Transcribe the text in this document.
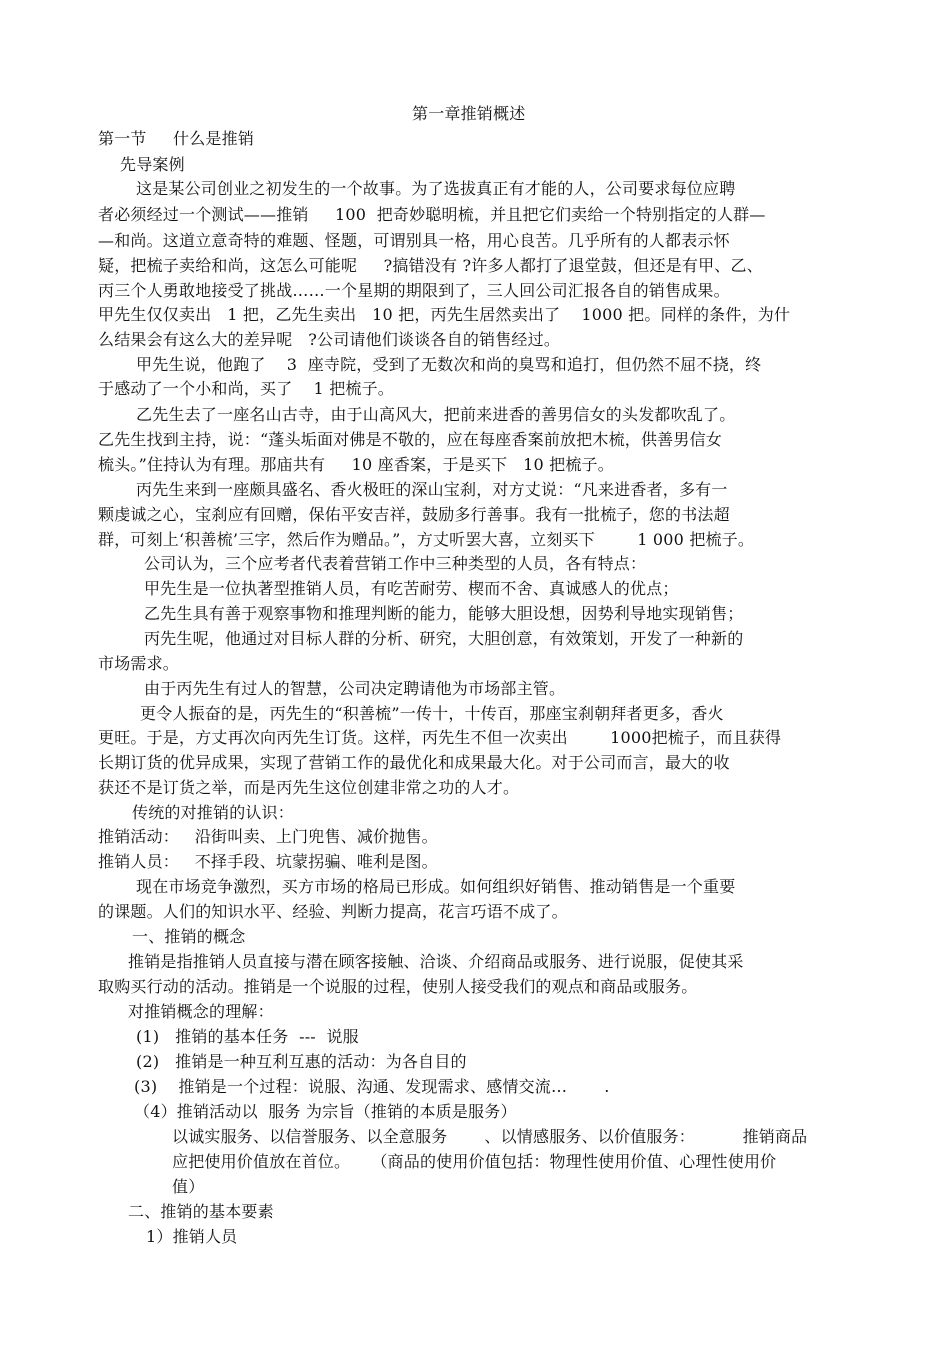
第一章推销概述
第一节     什么是推销
先导案例
这是某公司创业之初发生的一个故事。为了选拔真正有才能的人，公司要求每位应聘
者必须经过一个测试——推销     100  把奇妙聪明梳，并且把它们卖给一个特别指定的人群—
—和尚。这道立意奇特的难题、怪题，可谓别具一格，用心良苦。几乎所有的人都表示怀
疑，把梳子卖给和尚，这怎么可能呢     ?搞错没有 ?许多人都打了退堂鼓，但还是有甲、乙、
丙三个人勇敢地接受了挑战……一个星期的期限到了，三人回公司汇报各自的销售成果。
甲先生仅仅卖出   1 把，乙先生卖出   10 把，丙先生居然卖出了    1000 把。同样的条件，为什
么结果会有这么大的差异呢   ?公司请他们谈谈各自的销售经过。
甲先生说，他跑了    3  座寺院，受到了无数次和尚的臭骂和追打，但仍然不屈不挠，终
于感动了一个小和尚，买了    1 把梳子。
乙先生去了一座名山古寺，由于山高风大，把前来进香的善男信女的头发都吹乱了。
乙先生找到主持，说：“蓬头垢面对佛是不敬的，应在每座香案前放把木梳，供善男信女
梳头。”住持认为有理。那庙共有     10 座香案，于是买下   10 把梳子。
丙先生来到一座颇具盛名、香火极旺的深山宝刹，对方丈说：“凡来进香者，多有一
颗虔诚之心，宝刹应有回赠，保佑平安吉祥，鼓励多行善事。我有一批梳子，您的书法超
群，可刻上‘积善梳’三字，然后作为赠品。”，方丈听罢大喜，立刻买下        1 000 把梳子。
公司认为，三个应考者代表着营销工作中三种类型的人员，各有特点：
甲先生是一位执著型推销人员，有吃苦耐劳、楔而不舍、真诚感人的优点；
乙先生具有善于观察事物和推理判断的能力，能够大胆设想，因势利导地实现销售；
丙先生呢，他通过对目标人群的分析、研究，大胆创意，有效策划，开发了一种新的
市场需求。
由于丙先生有过人的智慧，公司决定聘请他为市场部主管。
更令人振奋的是，丙先生的“积善梳”一传十，十传百，那座宝刹朝拜者更多，香火
更旺。于是，方丈再次向丙先生订货。这样，丙先生不但一次卖出        1000把梳子，而且获得
长期订货的优异成果，实现了营销工作的最优化和成果最大化。对于公司而言，最大的收
获还不是订货之举，而是丙先生这位创建非常之功的人才。
传统的对推销的认识：
推销活动：   沿街叫卖、上门兜售、减价抛售。
推销人员：   不择手段、坑蒙拐骗、唯利是图。
现在市场竞争激烈，买方市场的格局已形成。如何组织好销售、推动销售是一个重要
的课题。人们的知识水平、经验、判断力提高，花言巧语不成了。
一、推销的概念
推销是指推销人员直接与潜在顾客接触、洽谈、介绍商品或服务、进行说服，促使其采
取购买行动的活动。推销是一个说服的过程，使别人接受我们的观点和商品或服务。
对推销概念的理解：
(1)   推销的基本任务  ---  说服
(2)   推销是一种互利互惠的活动：为各自目的
(3)    推销是一个过程：说服、沟通、发现需求、感情交流…       .
（4）推销活动以  服务 为宗旨（推销的本质是服务）
以诚实服务、以信誉服务、以全意服务       、以情感服务、以价值服务：         推销商品
应把使用价值放在首位。    （商品的使用价值包括：物理性使用价值、心理性使用价
值）
二、推销的基本要素
1）推销人员
